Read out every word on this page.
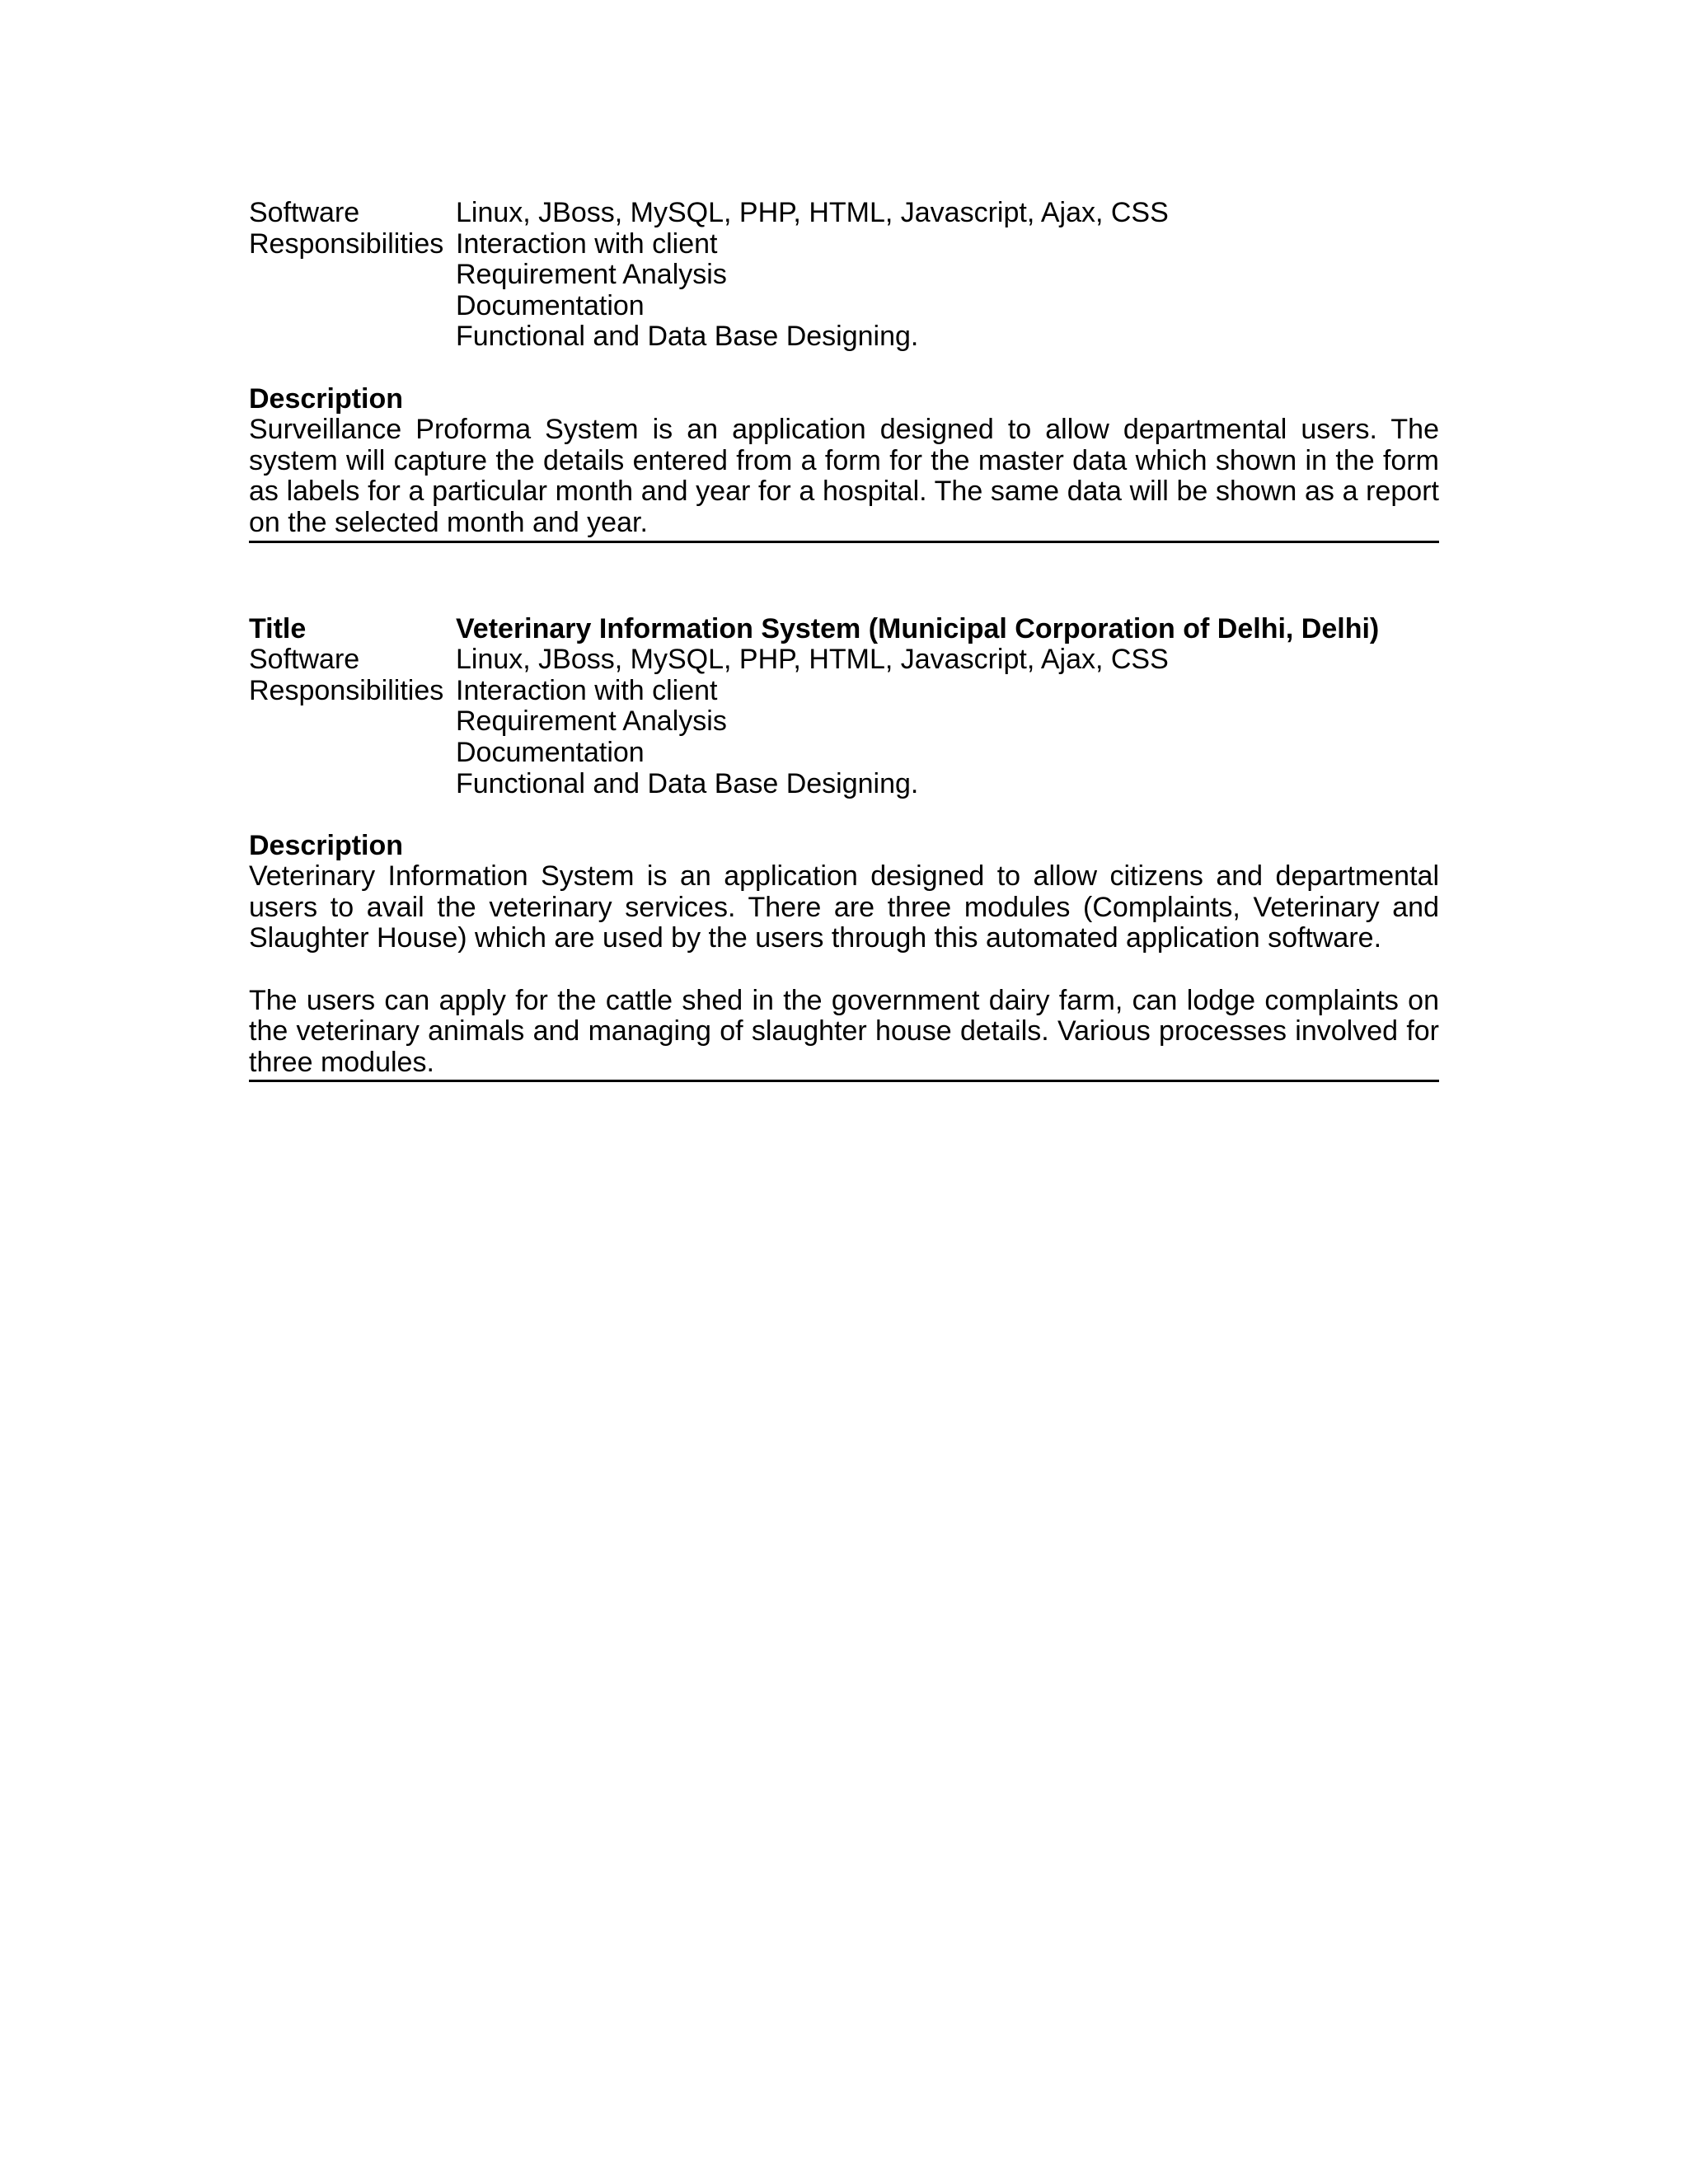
Software	Linux, JBoss, MySQL, PHP, HTML, Javascript, Ajax, CSS
Responsibilities Interaction with client
Requirement Analysis
Documentation
Functional and Data Base Designing.
Description
Surveillance Proforma System is an application designed to allow departmental users. The system will capture the details entered from a form for the master data which shown in the form as labels for a particular month and year for a hospital. The same data will be shown as a report on the selected month and year.
Title	Veterinary Information System (Municipal Corporation of Delhi, Delhi)
Software	Linux, JBoss, MySQL, PHP, HTML, Javascript, Ajax, CSS
Responsibilities Interaction with client
Requirement Analysis
Documentation
Functional and Data Base Designing.
Description
Veterinary Information System is an application designed to allow citizens and departmental users to avail the veterinary services. There are three modules (Complaints, Veterinary and Slaughter House) which are used by the users through this automated application software.
The users can apply for the cattle shed in the government dairy farm, can lodge complaints on the veterinary animals and managing of slaughter house details. Various processes involved for three modules.
